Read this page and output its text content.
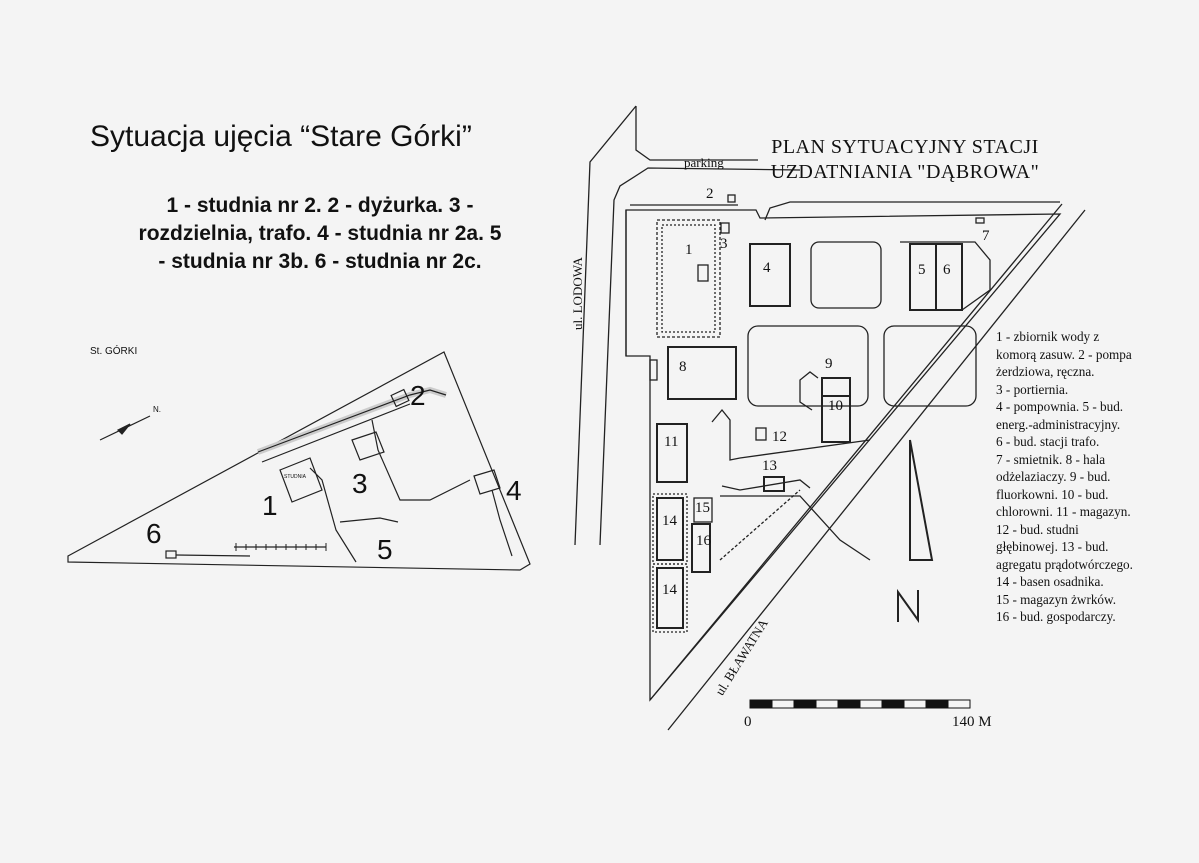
Sytuacja ujęcia “Stare Górki”
1 - studnia nr 2. 2 - dyżurka. 3 -
rozdzielnia, trafo. 4 - studnia nr 2a. 5
- studnia nr 3b. 6 - studnia nr 2c.
St. GÓRKI
N.
STUDNIA
1
2
3	4
5
6
PLAN SYTUACYJNY STACJI
UZDATNIANIA "DĄBROWA"
parking
ul. LODOWA
ul. BŁAWATNA
1
2
3
4	5 6
7
8	9
10
11	12
13
14
14
15
16
0	140 M
1 - zbiornik wody z
komorą zasuw. 2 - pompa
żerdziowa, ręczna.
3 - portiernia.
4 - pompownia. 5 - bud.
energ.-administracyjny.
6 - bud. stacji trafo.
7 - smietnik. 8 - hala
odżelaziaczy. 9 - bud.
fluorkowni. 10 - bud.
chlorowni. 11 - magazyn.
12 - bud. studni
głębinowej. 13 - bud.
agregatu prądotwórczego.
14 - basen osadnika.
15 - magazyn żwrków.
16 - bud. gospodarczy.
